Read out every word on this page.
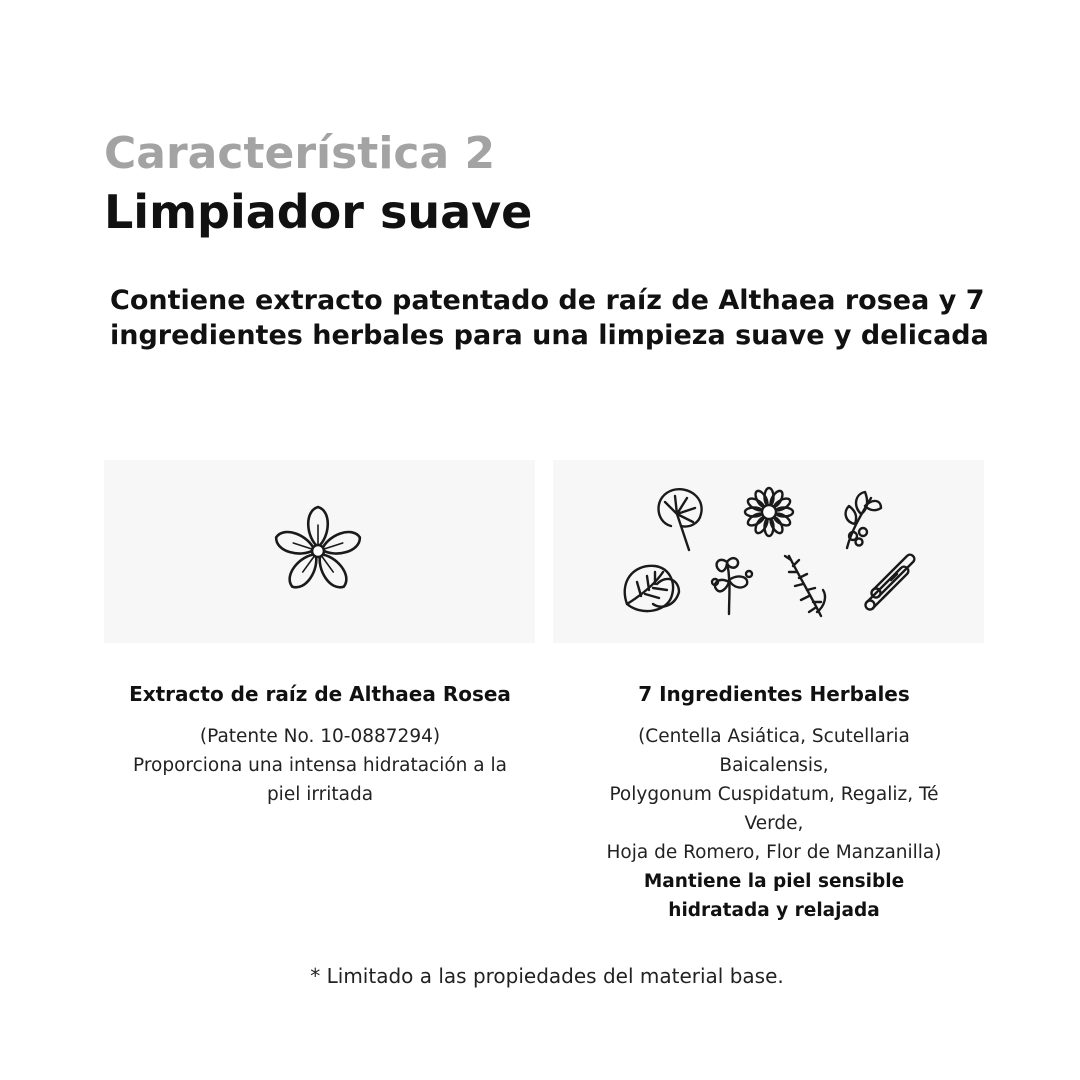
Característica 2
Limpiador suave
Contiene extracto patentado de raíz de Althaea rosea y 7 ingredientes herbales para una limpieza suave y delicada
Extracto de raíz de Althaea Rosea
(Patente No. 10-0887294)
Proporciona una intensa hidratación a la piel irritada
7 Ingredientes Herbales
(Centella Asiática, Scutellaria Baicalensis,
Polygonum Cuspidatum, Regaliz, Té Verde,
Hoja de Romero, Flor de Manzanilla)
Mantiene la piel sensible hidratada y relajada
* Limitado a las propiedades del material base.
